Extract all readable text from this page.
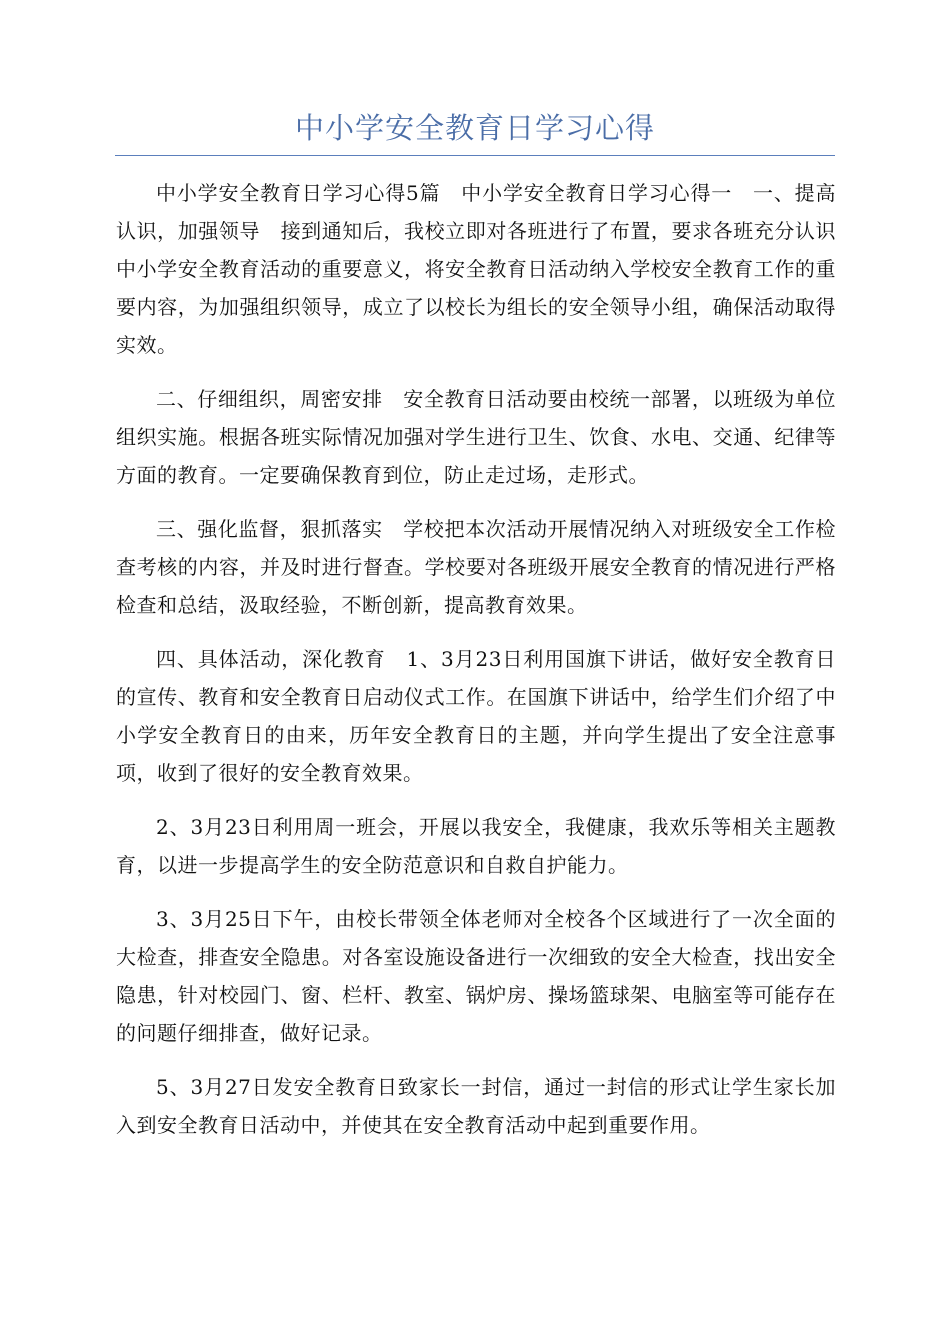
中小学安全教育日学习心得

中小学安全教育日学习心得5篇　中小学安全教育日学习心得一　一、提高认识，加强领导　接到通知后，我校立即对各班进行了布置，要求各班充分认识中小学安全教育活动的重要意义，将安全教育日活动纳入学校安全教育工作的重要内容，为加强组织领导，成立了以校长为组长的安全领导小组，确保活动取得实效。

二、仔细组织，周密安排　安全教育日活动要由校统一部署，以班级为单位组织实施。根据各班实际情况加强对学生进行卫生、饮食、水电、交通、纪律等方面的教育。一定要确保教育到位，防止走过场，走形式。

三、强化监督，狠抓落实　学校把本次活动开展情况纳入对班级安全工作检查考核的内容，并及时进行督查。学校要对各班级开展安全教育的情况进行严格检查和总结，汲取经验，不断创新，提高教育效果。

四、具体活动，深化教育　1、3月23日利用国旗下讲话，做好安全教育日的宣传、教育和安全教育日启动仪式工作。在国旗下讲话中，给学生们介绍了中小学安全教育日的由来，历年安全教育日的主题，并向学生提出了安全注意事项，收到了很好的安全教育效果。

2、3月23日利用周一班会，开展以我安全，我健康，我欢乐等相关主题教育，以进一步提高学生的安全防范意识和自救自护能力。

3、3月25日下午，由校长带领全体老师对全校各个区域进行了一次全面的大检查，排查安全隐患。对各室设施设备进行一次细致的安全大检查，找出安全隐患，针对校园门、窗、栏杆、教室、锅炉房、操场篮球架、电脑室等可能存在的问题仔细排查，做好记录。

5、3月27日发安全教育日致家长一封信，通过一封信的形式让学生家长加入到安全教育日活动中，并使其在安全教育活动中起到重要作用。
